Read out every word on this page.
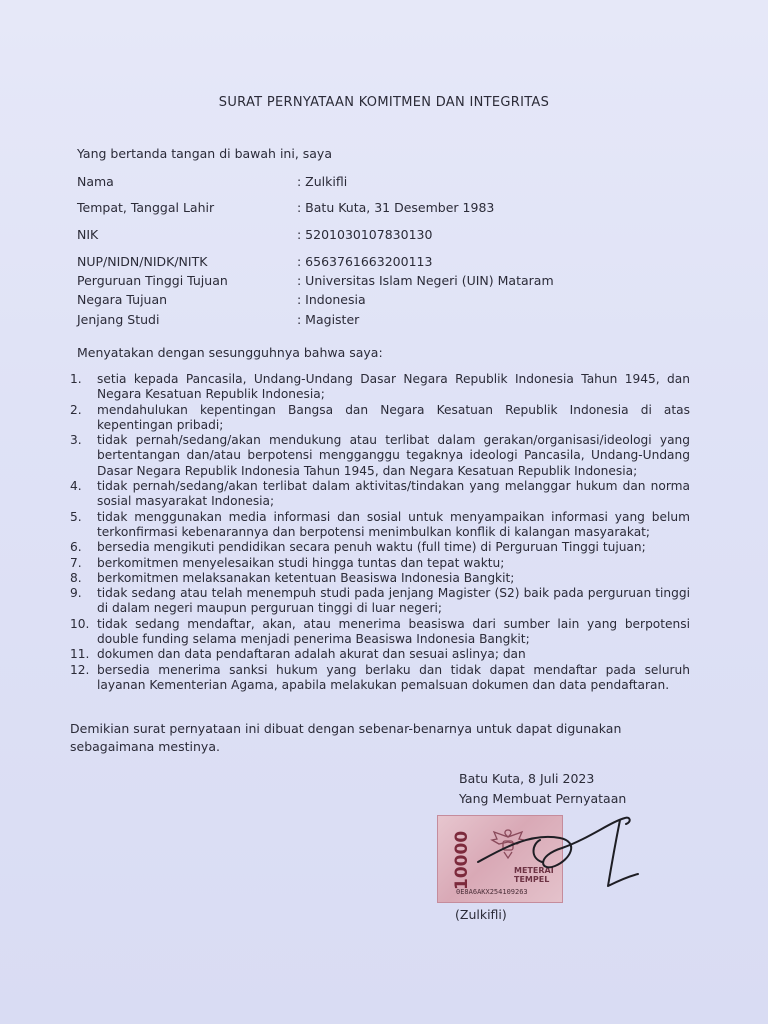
SURAT PERNYATAAN KOMITMEN DAN INTEGRITAS
Yang bertanda tangan di bawah ini, saya
Nama	: Zulkifli
Tempat, Tanggal Lahir	: Batu Kuta, 31 Desember 1983
NIK	: 5201030107830130
NUP/NIDN/NIDK/NITK	: 6563761663200113
Perguruan Tinggi Tujuan	: Universitas Islam Negeri (UIN) Mataram
Negara Tujuan	: Indonesia
Jenjang Studi	: Magister
Menyatakan dengan sesungguhnya bahwa saya:
1. setia kepada Pancasila, Undang-Undang Dasar Negara Republik Indonesia Tahun 1945, dan Negara Kesatuan Republik Indonesia;
2. mendahulukan kepentingan Bangsa dan Negara Kesatuan Republik Indonesia di atas kepentingan pribadi;
3. tidak pernah/sedang/akan mendukung atau terlibat dalam gerakan/organisasi/ideologi yang bertentangan dan/atau berpotensi mengganggu tegaknya ideologi Pancasila, Undang-Undang Dasar Negara Republik Indonesia Tahun 1945, dan Negara Kesatuan Republik Indonesia;
4. tidak pernah/sedang/akan terlibat dalam aktivitas/tindakan yang melanggar hukum dan norma sosial masyarakat Indonesia;
5. tidak menggunakan media informasi dan sosial untuk menyampaikan informasi yang belum terkonfirmasi kebenarannya dan berpotensi menimbulkan konflik di kalangan masyarakat;
6. bersedia mengikuti pendidikan secara penuh waktu (full time) di Perguruan Tinggi tujuan;
7. berkomitmen menyelesaikan studi hingga tuntas dan tepat waktu;
8. berkomitmen melaksanakan ketentuan Beasiswa Indonesia Bangkit;
9. tidak sedang atau telah menempuh studi pada jenjang Magister (S2) baik pada perguruan tinggi di dalam negeri maupun perguruan tinggi di luar negeri;
10. tidak sedang mendaftar, akan, atau menerima beasiswa dari sumber lain yang berpotensi double funding selama menjadi penerima Beasiswa Indonesia Bangkit;
11. dokumen dan data pendaftaran adalah akurat dan sesuai aslinya; dan
12. bersedia menerima sanksi hukum yang berlaku dan tidak dapat mendaftar pada seluruh layanan Kementerian Agama, apabila melakukan pemalsuan dokumen dan data pendaftaran.
Demikian surat pernyataan ini dibuat dengan sebenar-benarnya untuk dapat digunakan sebagaimana mestinya.
Batu Kuta, 8 Juli 2023
Yang Membuat Pernyataan
10000	METERAI
TEMPEL
0E8A6AKX254109263
(Zulkifli)
